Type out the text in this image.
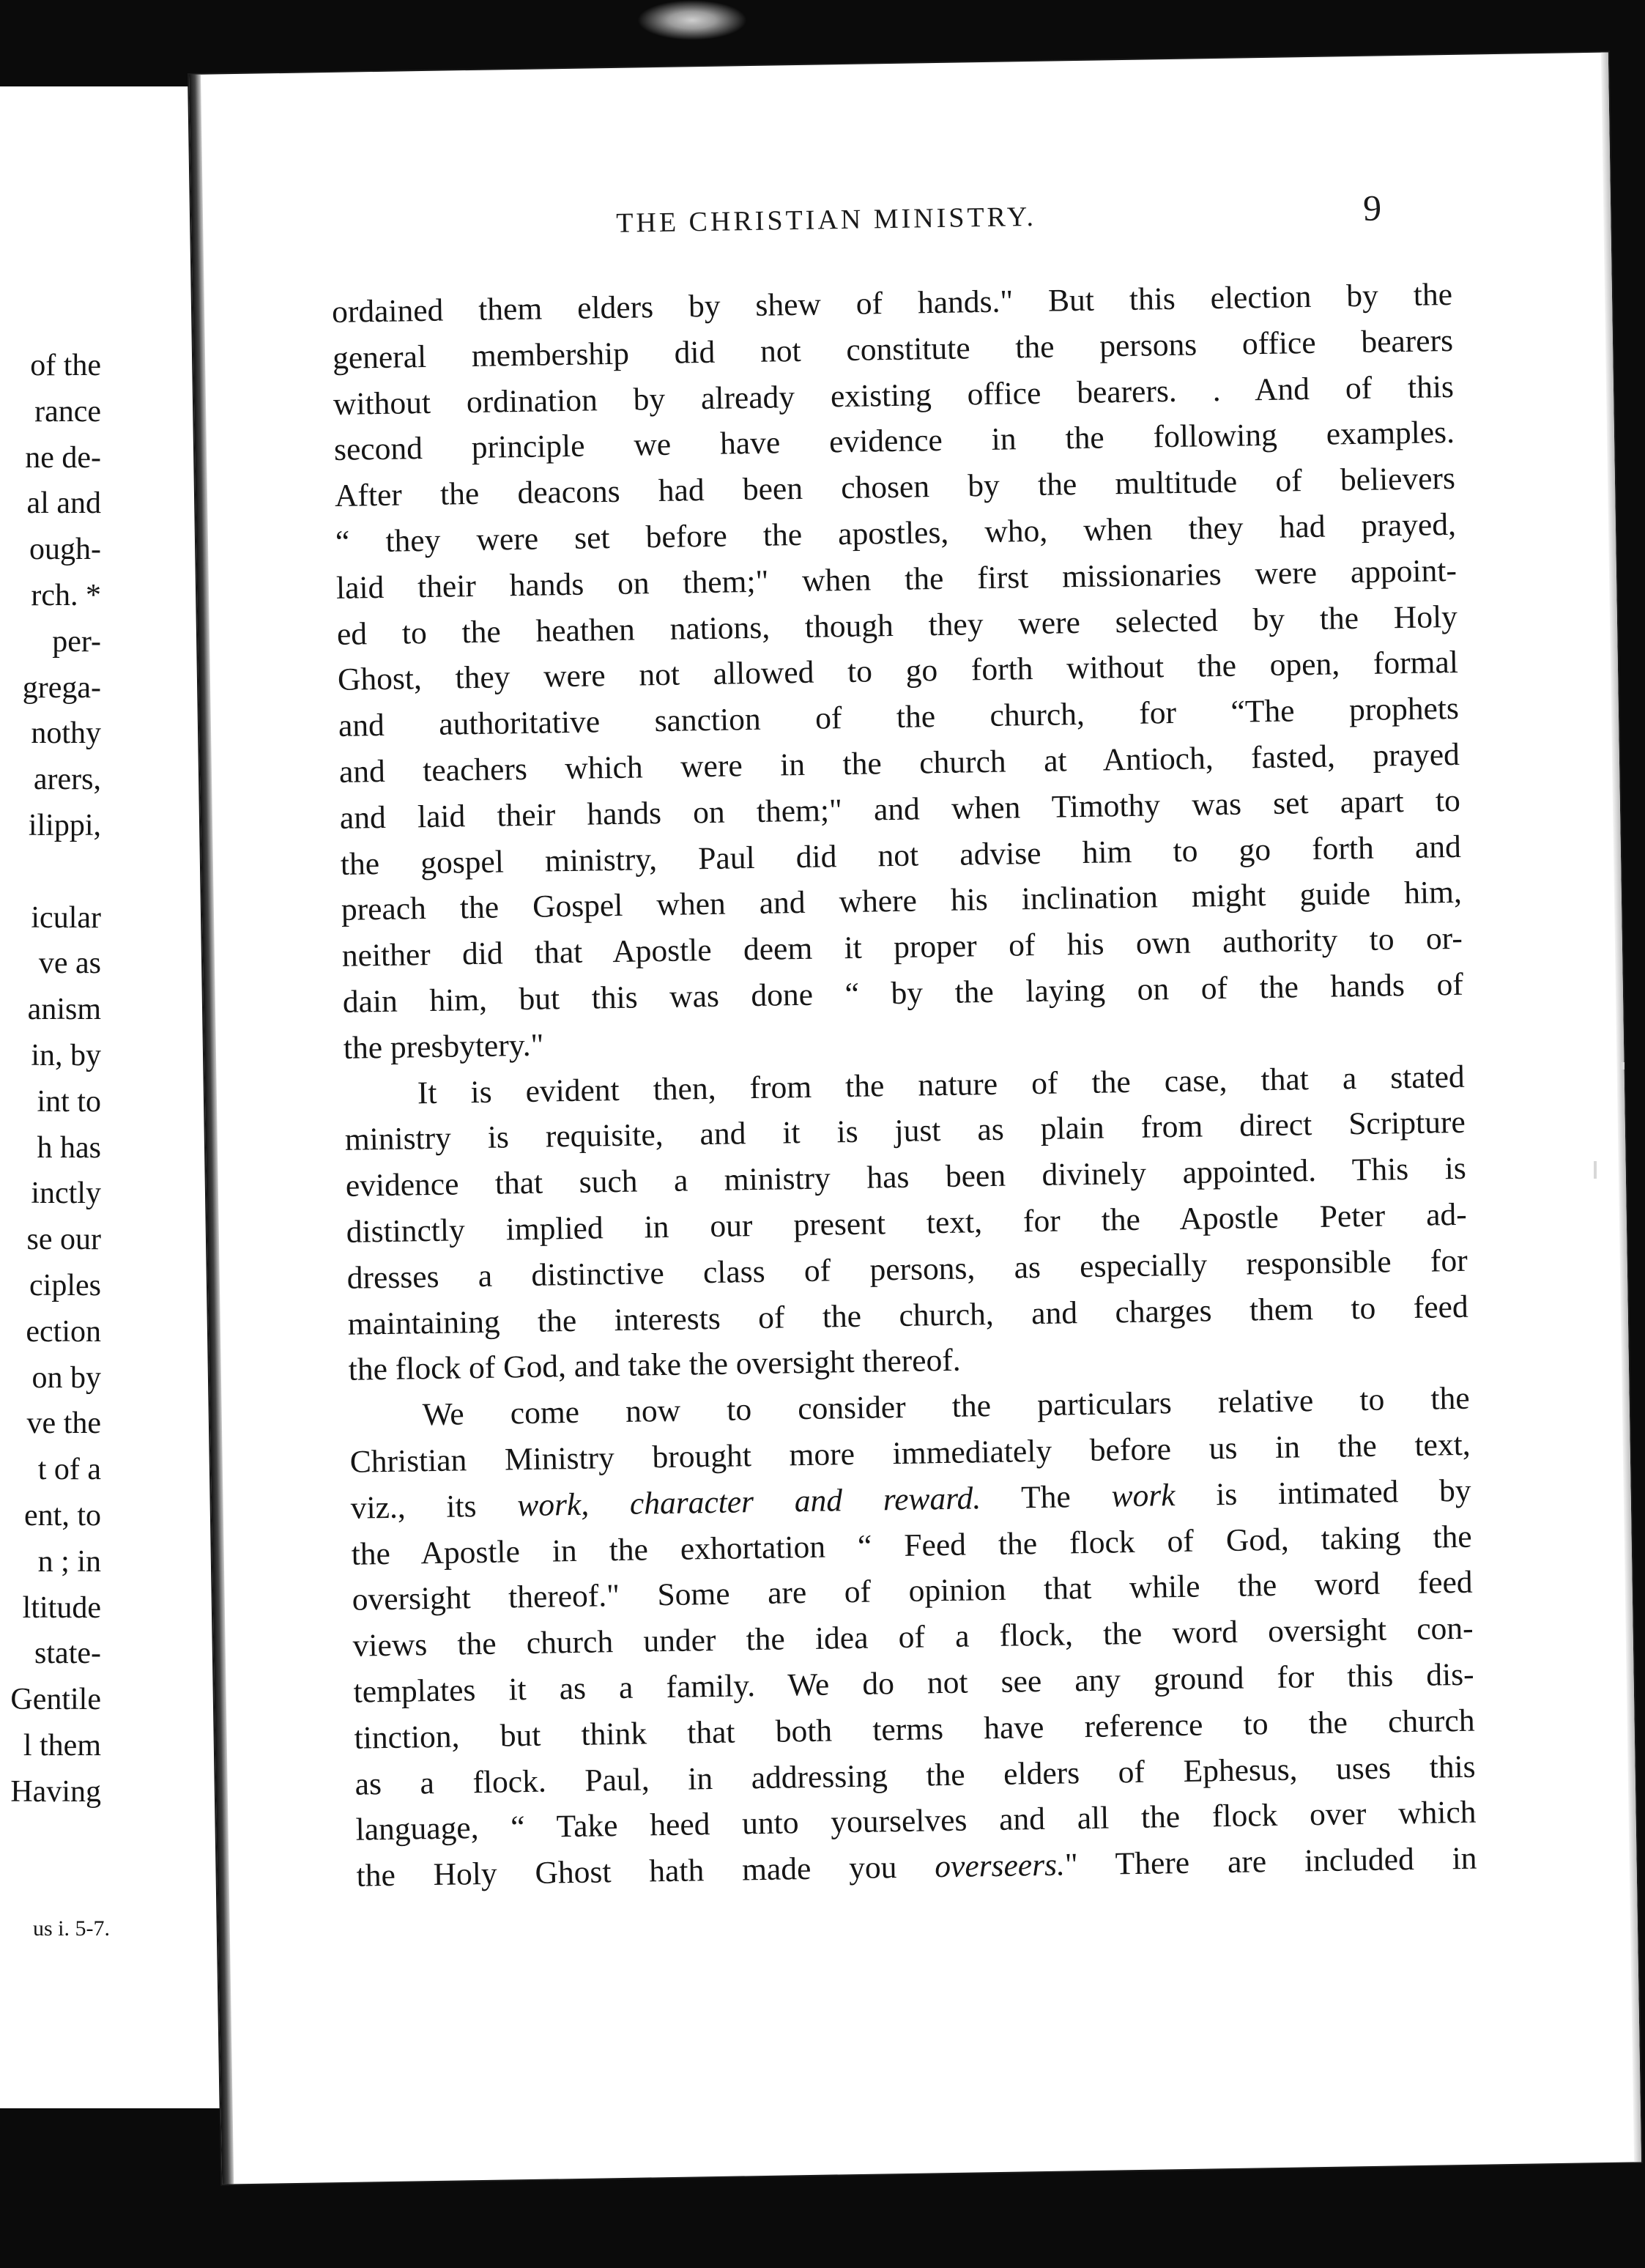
of the
rance
ne de-
al and
ough-
rch. *
per-
grega-
nothy
arers,
ilippi,
icular
ve as
anism
in, by
int to
h has
inctly
se our
ciples
ection
on by
ve the
t of a
ent, to
n ; in
ltitude
state-
Gentile
l them
Having
us i. 5-7.
THE CHRISTIAN MINISTRY.	9
ordained them elders by shew of hands." But this election by the
general membership did not constitute the persons office bearers
without ordination by already existing office bearers. . And of this
second principle we have evidence in the following examples.
After the deacons had been chosen by the multitude of believers
“ they were set before the apostles, who, when they had prayed,
laid their hands on them;" when the first missionaries were appoint-
ed to the heathen nations, though they were selected by the Holy
Ghost, they were not allowed to go forth without the open, formal
and authoritative sanction of the church, for “The prophets
and teachers which were in the church at Antioch, fasted, prayed
and laid their hands on them;" and when Timothy was set apart to
the gospel ministry, Paul did not advise him to go forth and
preach the Gospel when and where his inclination might guide him,
neither did that Apostle deem it proper of his own authority to or-
dain him, but this was done “ by the laying on of the hands of
the presbytery."
It is evident then, from the nature of the case, that a stated
ministry is requisite, and it is just as plain from direct Scripture
evidence that such a ministry has been divinely appointed. This is
distinctly implied in our present text, for the Apostle Peter ad-
dresses a distinctive class of persons, as especially responsible for
maintaining the interests of the church, and charges them to feed
the flock of God, and take the oversight thereof.
We come now to consider the particulars relative to the
Christian Ministry brought more immediately before us in the text,
viz., its work, character and reward. The work is intimated by
the Apostle in the exhortation “ Feed the flock of God, taking the
oversight thereof." Some are of opinion that while the word feed
views the church under the idea of a flock, the word oversight con-
templates it as a family. We do not see any ground for this dis-
tinction, but think that both terms have reference to the church
as a flock. Paul, in addressing the elders of Ephesus, uses this
language, “ Take heed unto yourselves and all the flock over which
the Holy Ghost hath made you overseers." There are included in
